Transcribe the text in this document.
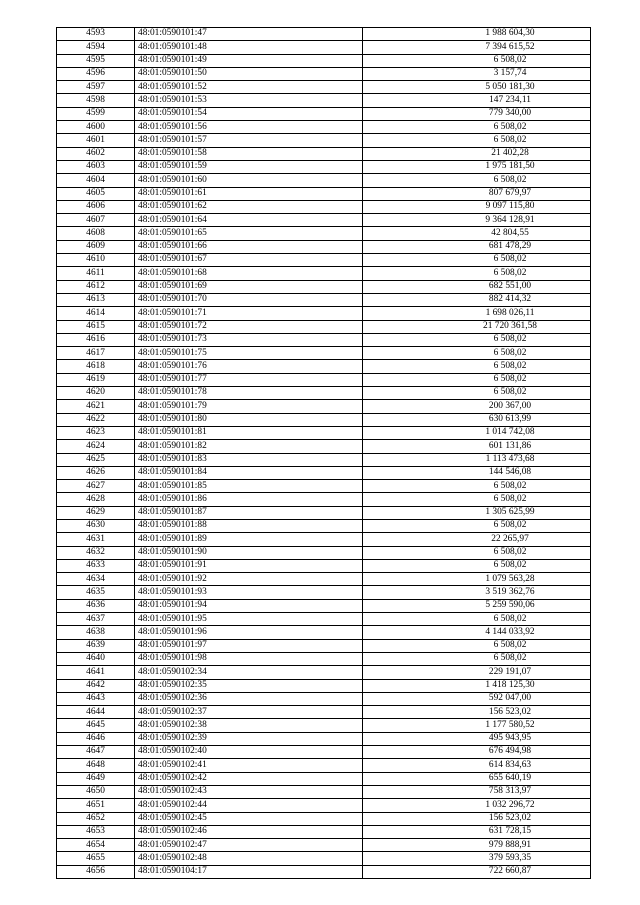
4593	48:01:0590101:47	1 988 604,30
4594	48:01:0590101:48	7 394 615,52
4595	48:01:0590101:49	6 508,02
4596	48:01:0590101:50	3 157,74
4597	48:01:0590101:52	5 050 181,30
4598	48:01:0590101:53	147 234,11
4599	48:01:0590101:54	779 340,00
4600	48:01:0590101:56	6 508,02
4601	48:01:0590101:57	6 508,02
4602	48:01:0590101:58	21 402,28
4603	48:01:0590101:59	1 975 181,50
4604	48:01:0590101:60	6 508,02
4605	48:01:0590101:61	807 679,97
4606	48:01:0590101:62	9 097 115,80
4607	48:01:0590101:64	9 364 128,91
4608	48:01:0590101:65	42 804,55
4609	48:01:0590101:66	681 478,29
4610	48:01:0590101:67	6 508,02
4611	48:01:0590101:68	6 508,02
4612	48:01:0590101:69	682 551,00
4613	48:01:0590101:70	882 414,32
4614	48:01:0590101:71	1 698 026,11
4615	48:01:0590101:72	21 720 361,58
4616	48:01:0590101:73	6 508,02
4617	48:01:0590101:75	6 508,02
4618	48:01:0590101:76	6 508,02
4619	48:01:0590101:77	6 508,02
4620	48:01:0590101:78	6 508,02
4621	48:01:0590101:79	200 367,00
4622	48:01:0590101:80	630 613,99
4623	48:01:0590101:81	1 014 742,08
4624	48:01:0590101:82	601 131,86
4625	48:01:0590101:83	1 113 473,68
4626	48:01:0590101:84	144 546,08
4627	48:01:0590101:85	6 508,02
4628	48:01:0590101:86	6 508,02
4629	48:01:0590101:87	1 305 625,99
4630	48:01:0590101:88	6 508,02
4631	48:01:0590101:89	22 265,97
4632	48:01:0590101:90	6 508,02
4633	48:01:0590101:91	6 508,02
4634	48:01:0590101:92	1 079 563,28
4635	48:01:0590101:93	3 519 362,76
4636	48:01:0590101:94	5 259 590,06
4637	48:01:0590101:95	6 508,02
4638	48:01:0590101:96	4 144 033,92
4639	48:01:0590101:97	6 508,02
4640	48:01:0590101:98	6 508,02
4641	48:01:0590102:34	229 191,07
4642	48:01:0590102:35	1 418 125,30
4643	48:01:0590102:36	592 047,00
4644	48:01:0590102:37	156 523,02
4645	48:01:0590102:38	1 177 580,52
4646	48:01:0590102:39	495 943,95
4647	48:01:0590102:40	676 494,98
4648	48:01:0590102:41	614 834,63
4649	48:01:0590102:42	655 640,19
4650	48:01:0590102:43	758 313,97
4651	48:01:0590102:44	1 032 296,72
4652	48:01:0590102:45	156 523,02
4653	48:01:0590102:46	631 728,15
4654	48:01:0590102:47	979 888,91
4655	48:01:0590102:48	379 593,35
4656	48:01:0590104:17	722 660,87
